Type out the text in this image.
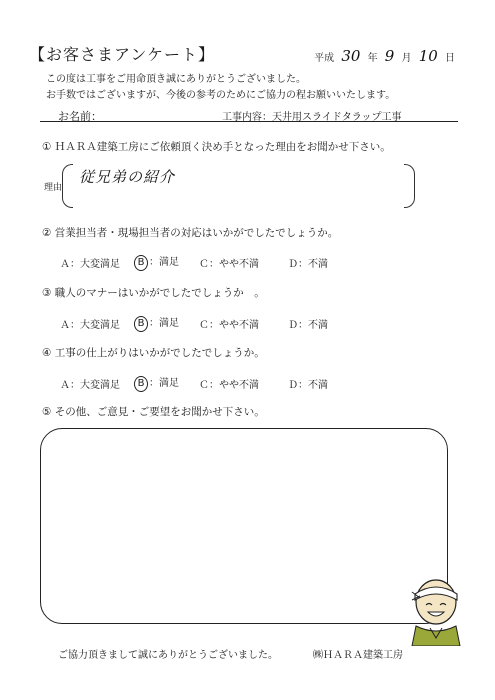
【お客さまアンケート】	平成 30 年 9 月 10 日
この度は工事をご用命頂き誠にありがとうございました。
お手数ではございますが、今後の参考のためにご協力の程お願いいたします。
お名前：	工事内容：天井用スライドタラップ工事
① ＨＡＲＡ建築工房にご依頼頂く決め手となった理由をお聞かせ下さい。
理由
従兄弟の紹介
② 営業担当者・現場担当者の対応はいかがでしたでしょうか。
Ａ：大変満足	B ：満足 Ｃ：やや不満	Ｄ：不満
③ 職人のマナーはいかがでしたでしょうか　。
Ａ：大変満足	B ：満足 Ｃ：やや不満	Ｄ：不満
④ 工事の仕上がりはいかがでしたでしょうか。
Ａ：大変満足	B ：満足 Ｃ：やや不満	Ｄ：不満
⑤ その他、ご意見・ご要望をお聞かせ下さい。
ご協力頂きまして誠にありがとうございました。	㈱ＨＡＲＡ建築工房
